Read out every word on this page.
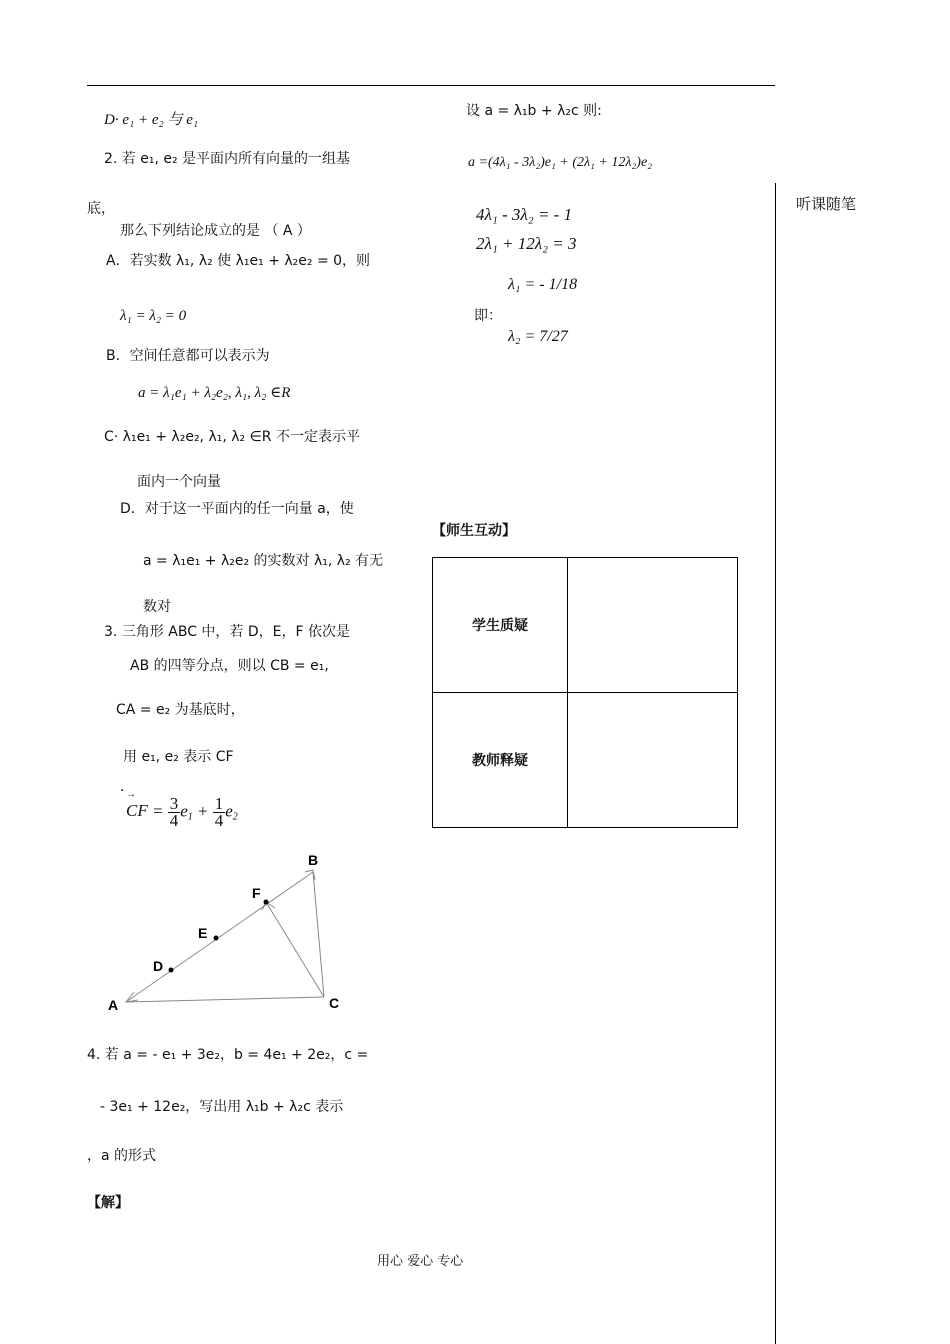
D· e₁ + e₂ 与 e₁
2. 若 e₁, e₂ 是平面内所有向量的一组基
底，
那么下列结论成立的是 （ A ）
A．若实数 λ₁, λ₂ 使 λ₁e₁ + λ₂e₂ = 0，则
λ₁ = λ₂ = 0
B．空间任意都可以表示为
a = λ₁e₁ + λ₂e₂, λ₁, λ₂ ∈R
C· λ₁e₁ + λ₂e₂, λ₁, λ₂ ∈R 不一定表示平
面内一个向量
D．对于这一平面内的任一向量 a，使
a = λ₁e₁ + λ₂e₂ 的实数对 λ₁, λ₂ 有无
数对
3. 三角形 ABC 中，若 D，E，F 依次是
AB 的四等分点，则以 CB = e₁,
CA = e₂ 为基底时，
用 e₁, e₂ 表示 CF
．
→ CF = $\frac{3}{4} e_1 + \frac{1}{4} e_2$
A
B
C
D
E
F
4. 若 a = - e₁ + 3e₂，b = 4e₁ + 2e₂，c =
- 3e₁ + 12e₂，写出用 λ₁b + λ₂c 表示
，a 的形式
【解】
设 a = λ₁b + λ₂c 则:
a =(4λ₁ - 3λ₂)e₁ + (2λ₁ + 12λ₂)e₂
4λ₁ - 3λ₂ = - 1
2λ₁ + 12λ₂ = 3
即：
λ₁ = - 1/18
λ₂ = 7/27
【师生互动】
学生质疑	
教师释疑	
听课随笔
用心 爱心 专心
